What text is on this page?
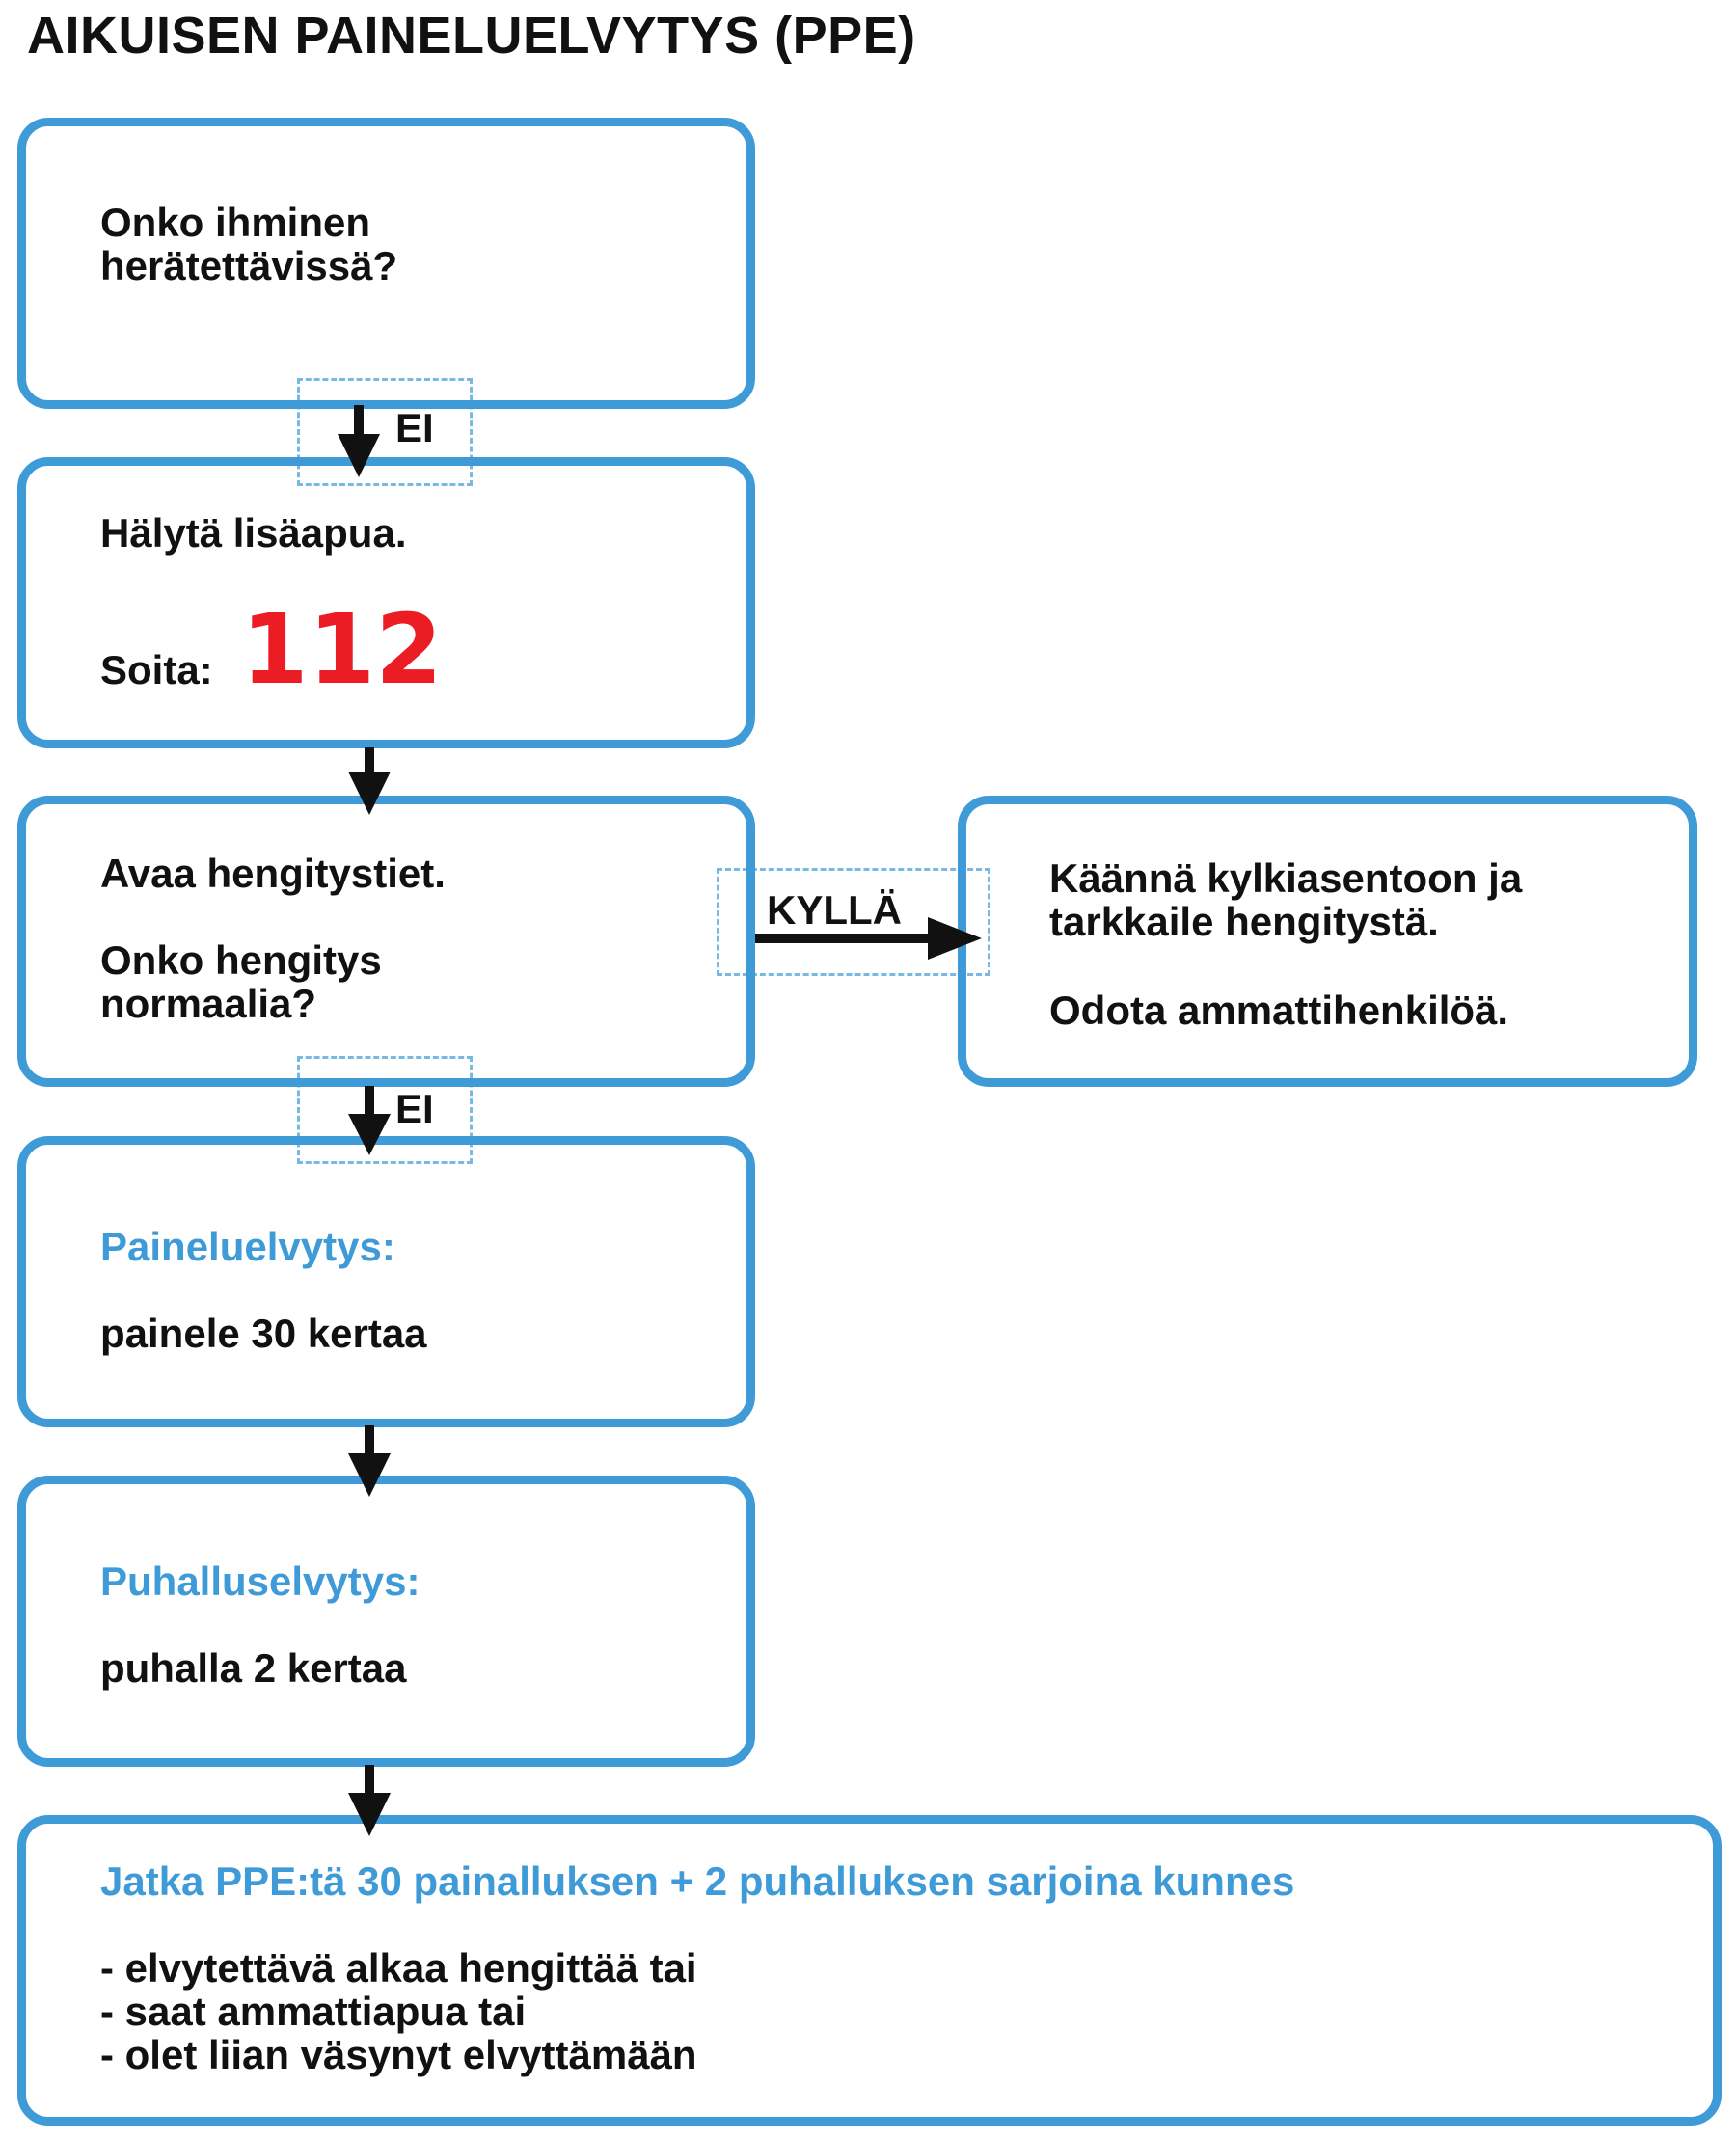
AIKUISEN PAINELUELVYTYS (PPE)
Onko ihminen
herätettävissä?
Hälytä lisäapua.
Soita: 112
Avaa hengitystiet.
Onko hengitys
normaalia?
Käännä kylkiasentoon ja
tarkkaile hengitystä.
Odota ammattihenkilöä.
Paineluelvytys:
painele 30 kertaa
Puhalluselvytys:
puhalla 2 kertaa
Jatka PPE:tä 30 painalluksen + 2 puhalluksen sarjoina kunnes
- elvytettävä alkaa hengittää tai
- saat ammattiapua tai
- olet liian väsynyt elvyttämään
EI
KYLLÄ
EI
